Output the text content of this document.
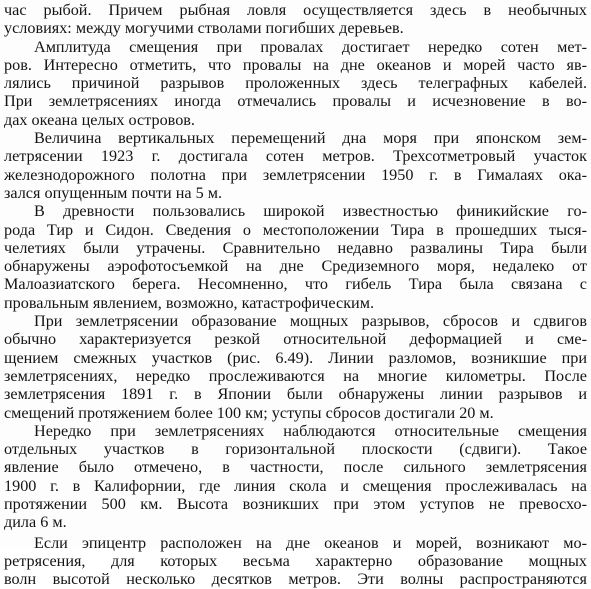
час рыбой. Причем рыбная ловля осуществляется здесь в необычных
условиях: между могучими стволами погибших деревьев.
Амплитуда смещения при провалах достигает нередко сотен мет-
ров. Интересно отметить, что провалы на дне океанов и морей часто яв-
лялись причиной разрывов проложенных здесь телеграфных кабелей.
При землетрясениях иногда отмечались провалы и исчезновение в во-
дах океана целых островов.
Величина вертикальных перемещений дна моря при японском зем-
летрясении 1923 г. достигала сотен метров. Трехсотметровый участок
железнодорожного полотна при землетрясении 1950 г. в Гималаях ока-
зался опущенным почти на 5 м.
В древности пользовались широкой известностью финикийские го-
рода Тир и Сидон. Сведения о местоположении Тира в прошедших тыся-
челетиях были утрачены. Сравнительно недавно развалины Тира были
обнаружены аэрофотосъемкой на дне Средиземного моря, недалеко от
Малоазиатского берега. Несомненно, что гибель Тира была связана с
провальным явлением, возможно, катастрофическим.
При землетрясении образование мощных разрывов, сбросов и сдвигов
обычно характеризуется резкой относительной деформацией и сме-
щением смежных участков (рис. 6.49). Линии разломов, возникшие при
землетрясениях, нередко прослеживаются на многие километры. После
землетрясения 1891 г. в Японии были обнаружены линии разрывов и
смещений протяжением более 100 км; уступы сбросов достигали 20 м.
Нередко при землетрясениях наблюдаются относительные смещения
отдельных участков в горизонтальной плоскости (сдвиги). Такое
явление было отмечено, в частности, после сильного землетрясения
1900 г. в Калифорнии, где линия скола и смещения прослеживалась на
протяжении 500 км. Высота возникших при этом уступов не превосхо-
дила 6 м.
Если эпицентр расположен на дне океанов и морей, возникают мо-
ретрясения, для которых весьма характерно образование мощных
волн высотой несколько десятков метров. Эти волны распространяются
